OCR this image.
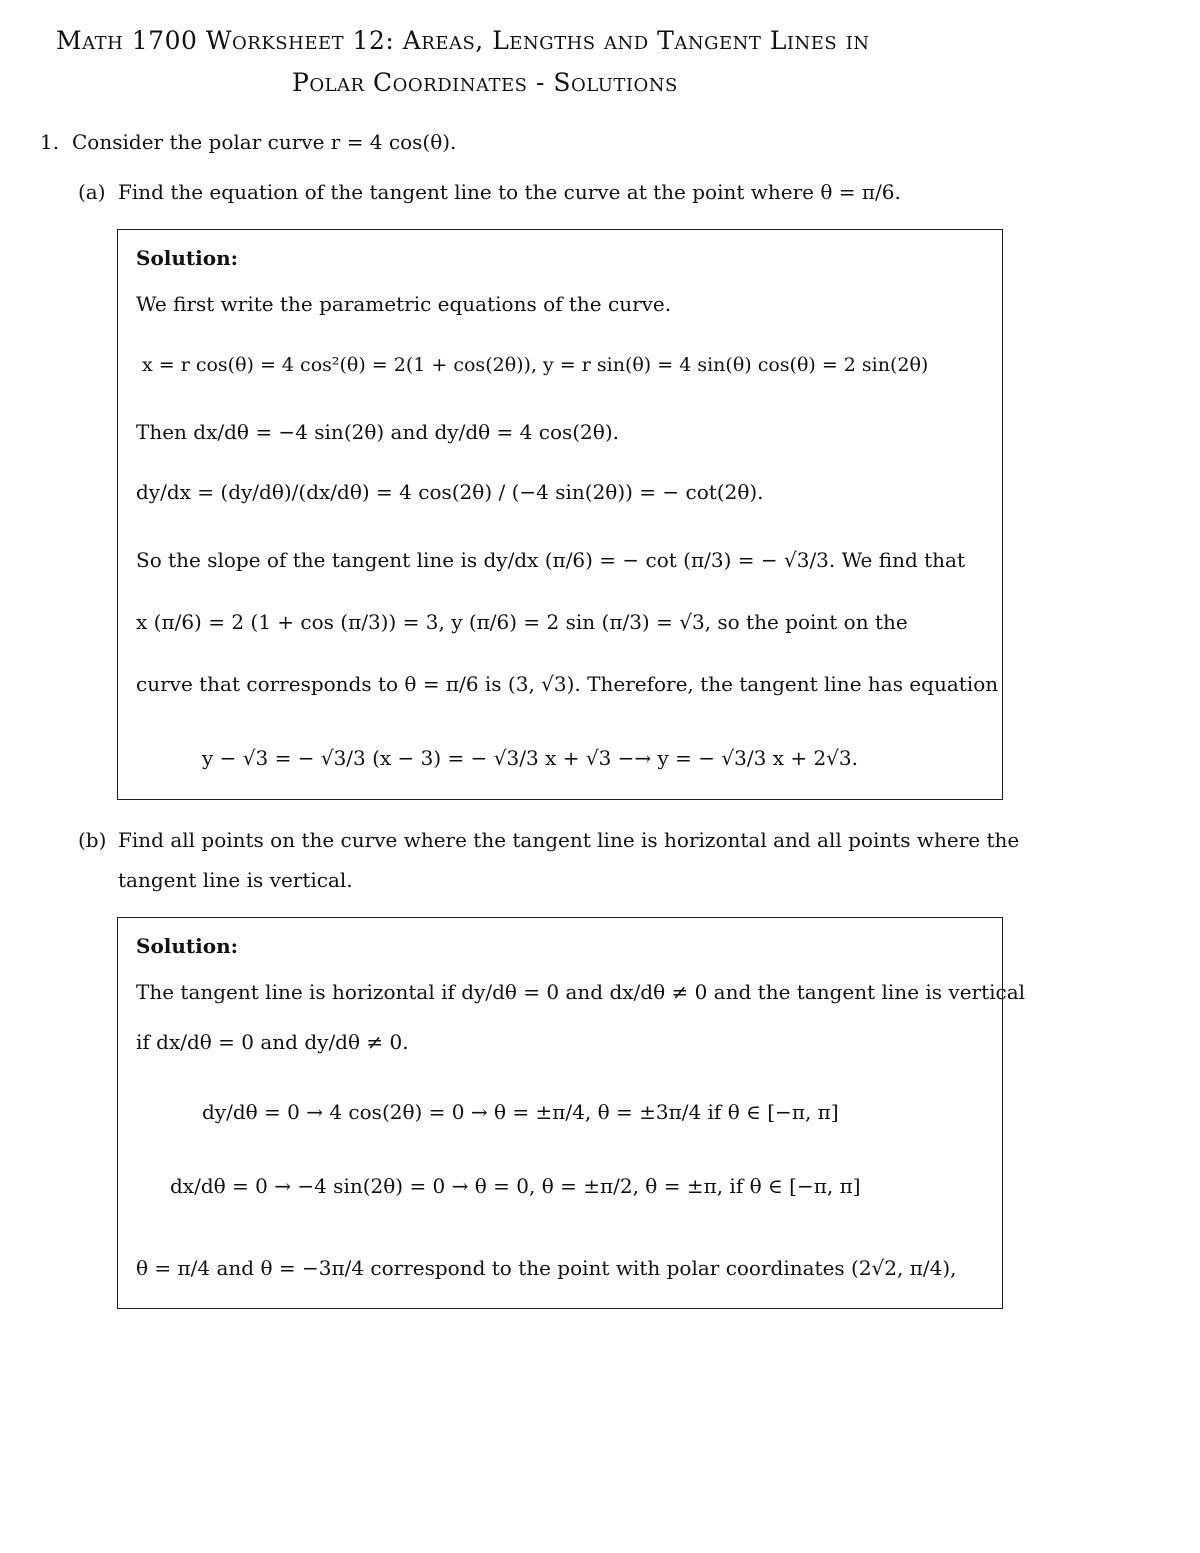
Math 1700 Worksheet 12: Areas, Lengths and Tangent Lines in
Polar Coordinates - Solutions
1. Consider the polar curve r = 4 cos(θ).
(a) Find the equation of the tangent line to the curve at the point where θ = π/6.
Solution:
We first write the parametric equations of the curve.
x = r cos(θ) = 4 cos²(θ) = 2(1 + cos(2θ)), y = r sin(θ) = 4 sin(θ) cos(θ) = 2 sin(2θ)
Then dx/dθ = −4 sin(2θ) and dy/dθ = 4 cos(2θ).
dy/dx = (dy/dθ)/(dx/dθ) = 4 cos(2θ) / (−4 sin(2θ)) = − cot(2θ).
So the slope of the tangent line is dy/dx (π/6) = − cot (π/3) = − √3/3. We find that
x (π/6) = 2 (1 + cos (π/3)) = 3, y (π/6) = 2 sin (π/3) = √3, so the point on the
curve that corresponds to θ = π/6 is (3, √3). Therefore, the tangent line has equation
y − √3 = − √3/3 (x − 3) = − √3/3 x + √3 −→ y = − √3/3 x + 2√3.
(b) Find all points on the curve where the tangent line is horizontal and all points where the
tangent line is vertical.
Solution:
The tangent line is horizontal if dy/dθ = 0 and dx/dθ ≠ 0 and the tangent line is vertical
if dx/dθ = 0 and dy/dθ ≠ 0.
dy/dθ = 0 → 4 cos(2θ) = 0 → θ = ±π/4, θ = ±3π/4 if θ ∈ [−π, π]
dx/dθ = 0 → −4 sin(2θ) = 0 → θ = 0, θ = ±π/2, θ = ±π, if θ ∈ [−π, π]
θ = π/4 and θ = −3π/4 correspond to the point with polar coordinates (2√2, π/4),
